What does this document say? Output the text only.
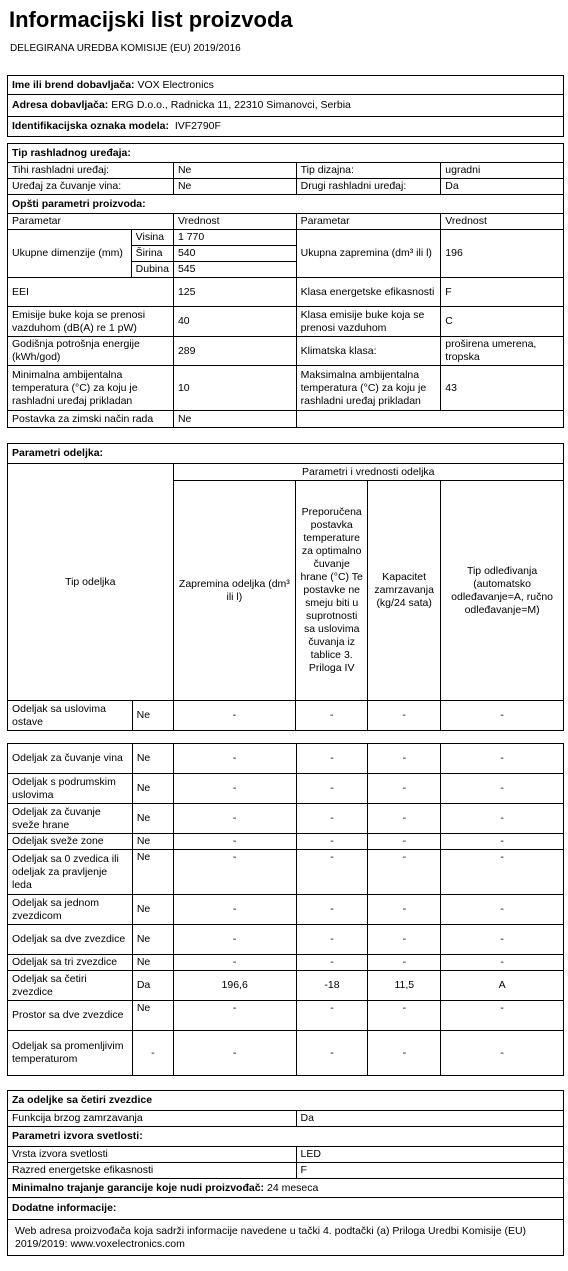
Informacijski list proizvoda
DELEGIRANA UREDBA KOMISIJE (EU) 2019/2016
Ime ili brend dobavljača: VOX Electronics
Adresa dobavljača: ERG D.o.o., Radnicka 11, 22310 Simanovci, Serbia
Identifikacijska oznaka modela: IVF2790F
Tip rashladnog uređaja:				
Tihi rashladni uređaj:		Ne	Tip dizajna:	ugradni
Uređaj za čuvanje vina:		Ne	Drugi rashladni uređaj:	Da
Opšti parametri proizvoda:				
Parametar		Vrednost	Parametar	Vrednost
Ukupne dimenzije (mm)	Visina	1 770	Ukupna zapremina (dm³ ili l)	196
	Širina	540		
	Dubina	545		
EEI		125	Klasa energetske efikasnosti	F
Emisije buke koja se prenosi vazduhom (dB(A) re 1 pW)		40	Klasa emisije buke koja se prenosi vazduhom	C
Godišnja potrošnja energije (kWh/god)		289	Klimatska klasa:	proširena umerena, tropska
Minimalna ambijentalna temperatura (°C) za koju je rashladni uređaj prikladan		10	Maksimalna ambijentalna temperatura (°C) za koju je rashladni uređaj prikladan	43
Postavka za zimski način rada		Ne		
Parametri odeljka:					
Tip odeljka		Parametri i vrednosti odeljka			
		Zapremina odeljka (dm³ ili l)	Preporučena postavka temperature za optimalno čuvanje hrane (°C) Te postavke ne smeju biti u suprotnosti sa uslovima čuvanja iz tablice 3. Priloga IV	Kapacitet zamrzavanja (kg/24 sata)	Tip odleđivanja (automatsko odleđavanje=A, ručno odleđavanje=M)
Odeljak sa uslovima ostave	Ne	-	-	-	-
Odeljak za čuvanje vina	Ne	-	-	-	-
Odeljak s podrumskim uslovima	Ne	-	-	-	-
Odeljak za čuvanje sveže hrane	Ne	-	-	-	-
Odeljak sveže zone	Ne	-	-	-	-
Odeljak sa 0 zvedica ili odeljak za pravljenje leda	Ne	-	-	-	-
Odeljak sa jednom zvezdicom	Ne	-	-	-	-
Odeljak sa dve zvezdice	Ne	-	-	-	-
Odeljak sa tri zvezdice	Ne	-	-	-	-
Odeljak sa četiri zvezdice	Da	196,6	-18	11,5	A
Prostor sa dve zvezdice	Ne	-	-	-	-
Odeljak sa promenljivim temperaturom	-	-	-	-	-
Za odeljke sa četiri zvezdice	
Funkcija brzog zamrzavanja	Da
Parametri izvora svetlosti:	
Vrsta izvora svetlosti	LED
Razred energetske efikasnosti	F
Minimalno trajanje garancije koje nudi proizvođač: 24 meseca	
Dodatne informacije:	
Web adresa proizvođača koja sadrži informacije navedene u tački 4. podtački (a) Priloga Uredbi Komisije (EU) 2019/2019: www.voxelectronics.com	
